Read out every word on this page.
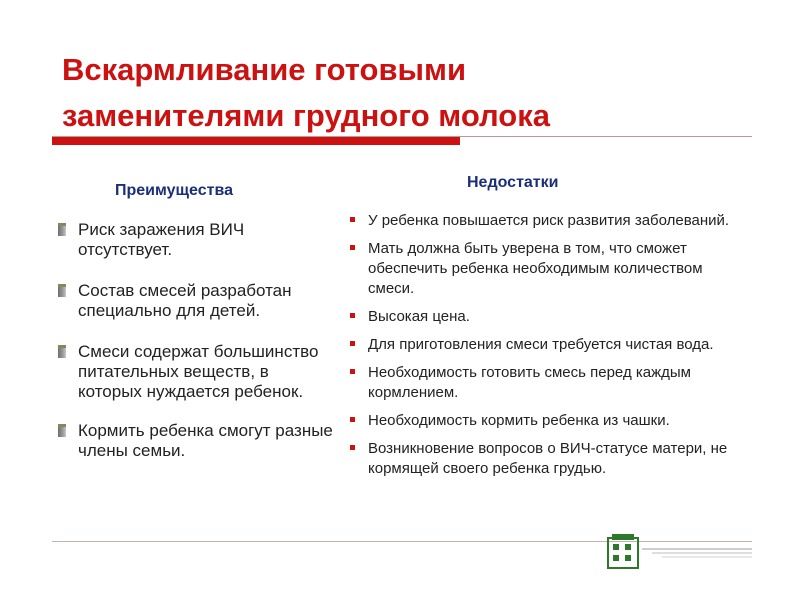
Вскармливание готовыми
заменителями грудного молока
Преимущества	Недостатки
Риск заражения ВИЧ отсутствует.
Состав смесей разработан специально для детей.
Смеси содержат большинство питательных веществ, в которых нуждается ребенок.
Кормить ребенка смогут разные члены семьи.
У ребенка повышается риск развития заболеваний.
Мать должна быть уверена в том, что сможет обеспечить ребенка необходимым количеством смеси.
Высокая цена.
Для приготовления смеси требуется чистая вода.
Необходимость готовить смесь перед каждым кормлением.
Необходимость кормить ребенка из чашки.
Возникновение вопросов о ВИЧ-статусе матери, не кормящей своего ребенка грудью.
